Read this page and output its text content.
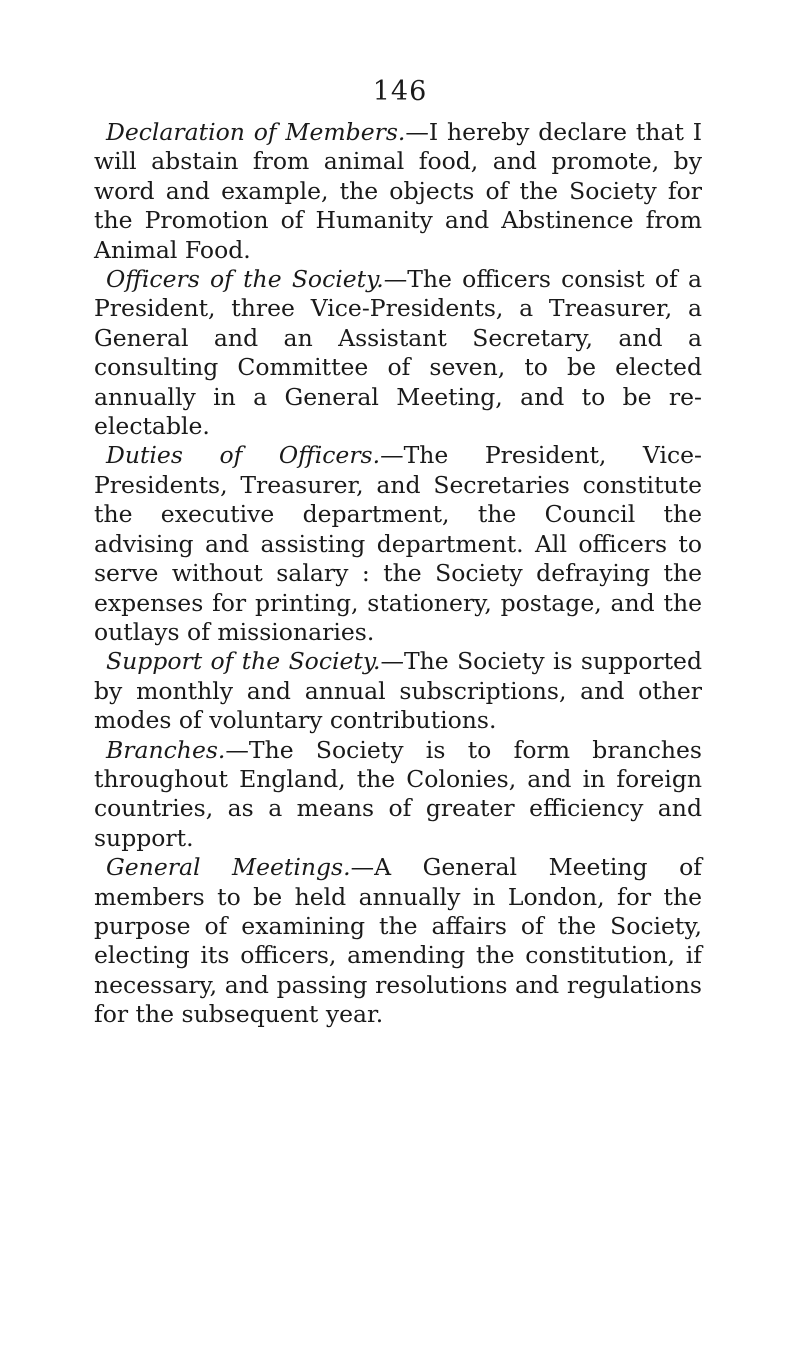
146

Declaration of Members.—I hereby declare that I will abstain from animal food, and promote, by word and example, the objects of the Society for the Promotion of Humanity and Abstinence from Animal Food.

Officers of the Society.—The officers consist of a President, three Vice-Presidents, a Treasurer, a General and an Assistant Secretary, and a consulting Committee of seven, to be elected annually in a General Meeting, and to be re-electable.

Duties of Officers.—The President, Vice-Presidents, Treasurer, and Secretaries constitute the executive department, the Council the advising and assisting department. All officers to serve without salary : the Society defraying the expenses for printing, stationery, postage, and the outlays of missionaries.

Support of the Society.—The Society is supported by monthly and annual subscriptions, and other modes of voluntary contributions.

Branches.—The Society is to form branches throughout England, the Colonies, and in foreign countries, as a means of greater efficiency and support.

General Meetings.—A General Meeting of members to be held annually in London, for the purpose of examining the affairs of the Society, electing its officers, amending the constitution, if necessary, and passing resolutions and regulations for the subsequent year.
